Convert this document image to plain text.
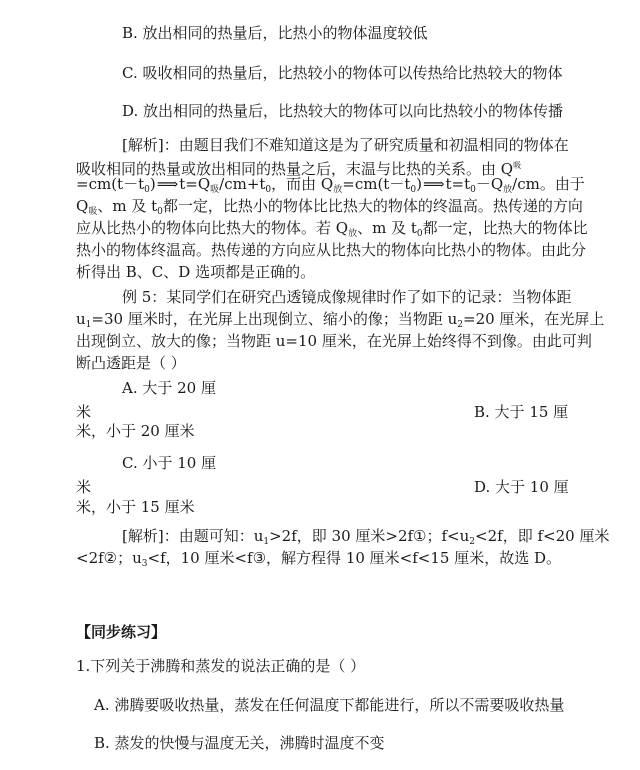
B. 放出相同的热量后，比热小的物体温度较低
C. 吸收相同的热量后，比热较小的物体可以传热给比热较大的物体
D. 放出相同的热量后，比热较大的物体可以向比热较小的物体传播
[解析]：由题目我们不难知道这是为了研究质量和初温相同的物体在
吸收相同的热量或放出相同的热量之后，末温与比热的关系。由 $Q^吸$
$=cm(t-t_0)⟹t=Q_吸/cm+t_0$，而由 $Q_放=cm(t-t_0)⟹t=t_0-Q_放/cm$。由于
$Q_吸$、m 及 $t_0$都一定，比热小的物体比比热大的物体的终温高。热传递的方向
应从比热小的物体向比热大的物体。若 $Q_放$、m 及 $t_0$都一定，比热大的物体比
热小的物体终温高。热传递的方向应从比热大的物体向比热小的物体。由此分
析得出 B、C、D 选项都是正确的。
例 5：某同学们在研究凸透镜成像规律时作了如下的记录：当物体距
$u_1=30$ 厘米时，在光屏上出现倒立、缩小的像；当物距 $u_2=20$ 厘米，在光屏上
出现倒立、放大的像；当物距 u=10 厘米，在光屏上始终得不到像。由此可判
断凸透距是（ ）
A. 大于 20 厘
米	B. 大于 15 厘
米，小于 20 厘米
C. 小于 10 厘
米	D. 大于 10 厘
米，小于 15 厘米
[解析]：由题可知：$u_1>2f$，即 30 厘米>2f①；$f<u_2<2f$，即 f<20 厘米
<2f②；$u_3<f$，10 厘米<f③，解方程得 10 厘米<f<15 厘米，故选 D。
【同步练习】
1.下列关于沸腾和蒸发的说法正确的是（ ）
A. 沸腾要吸收热量，蒸发在任何温度下都能进行，所以不需要吸收热量
B. 蒸发的快慢与温度无关，沸腾时温度不变
